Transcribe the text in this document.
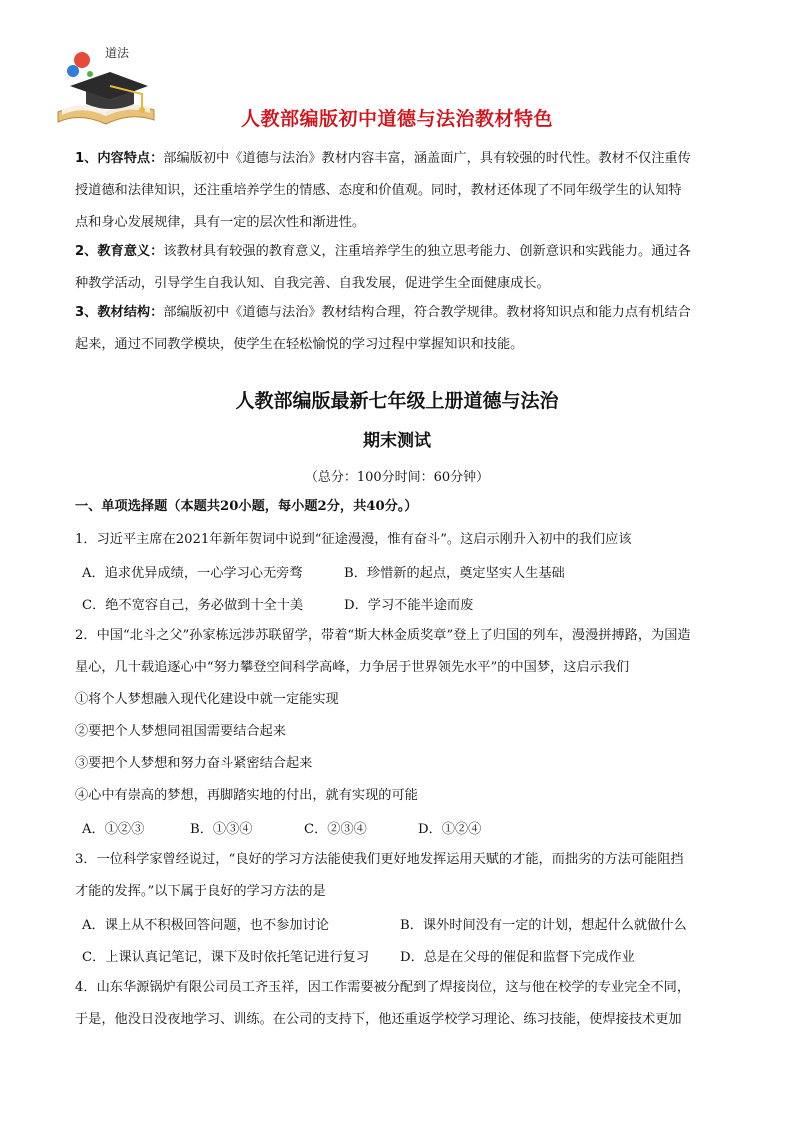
道法
人教部编版初中道德与法治教材特色
1、内容特点：部编版初中《道德与法治》教材内容丰富，涵盖面广，具有较强的时代性。教材不仅注重传
授道德和法律知识，还注重培养学生的情感、态度和价值观。同时，教材还体现了不同年级学生的认知特
点和身心发展规律，具有一定的层次性和渐进性。
2、教育意义：该教材具有较强的教育意义，注重培养学生的独立思考能力、创新意识和实践能力。通过各
种教学活动，引导学生自我认知、自我完善、自我发展，促进学生全面健康成长。
3、教材结构：部编版初中《道德与法治》教材结构合理，符合教学规律。教材将知识点和能力点有机结合
起来，通过不同教学模块，使学生在轻松愉悦的学习过程中掌握知识和技能。
人教部编版最新七年级上册道德与法治
期末测试
（总分：100分时间：60分钟）
一、单项选择题（本题共20小题，每小题2分，共40分。）
1．习近平主席在2021年新年贺词中说到“征途漫漫，惟有奋斗”。这启示刚升入初中的我们应该
A．追求优异成绩，一心学习心无旁骛	B．珍惜新的起点，奠定坚实人生基础
C．绝不宽容自己，务必做到十全十美	D．学习不能半途而废
2．中国“北斗之父”孙家栋远涉苏联留学，带着“斯大林金质奖章”登上了归国的列车，漫漫拼搏路，为国造
星心，几十载追逐心中“努力攀登空间科学高峰，力争居于世界领先水平”的中国梦，这启示我们
①将个人梦想融入现代化建设中就一定能实现
②要把个人梦想同祖国需要结合起来
③要把个人梦想和努力奋斗紧密结合起来
④心中有崇高的梦想，再脚踏实地的付出，就有实现的可能
A．①②③	B．①③④	C．②③④	D．①②④
3．一位科学家曾经说过，“良好的学习方法能使我们更好地发挥运用天赋的才能，而拙劣的方法可能阻挡
才能的发挥。”以下属于良好的学习方法的是
A．课上从不积极回答问题，也不参加讨论	B．课外时间没有一定的计划，想起什么就做什么
C．上课认真记笔记，课下及时依托笔记进行复习 D．总是在父母的催促和监督下完成作业
4．山东华源锅炉有限公司员工齐玉祥，因工作需要被分配到了焊接岗位，这与他在校学的专业完全不同，
于是，他没日没夜地学习、训练。在公司的支持下，他还重返学校学习理论、练习技能，使焊接技术更加
